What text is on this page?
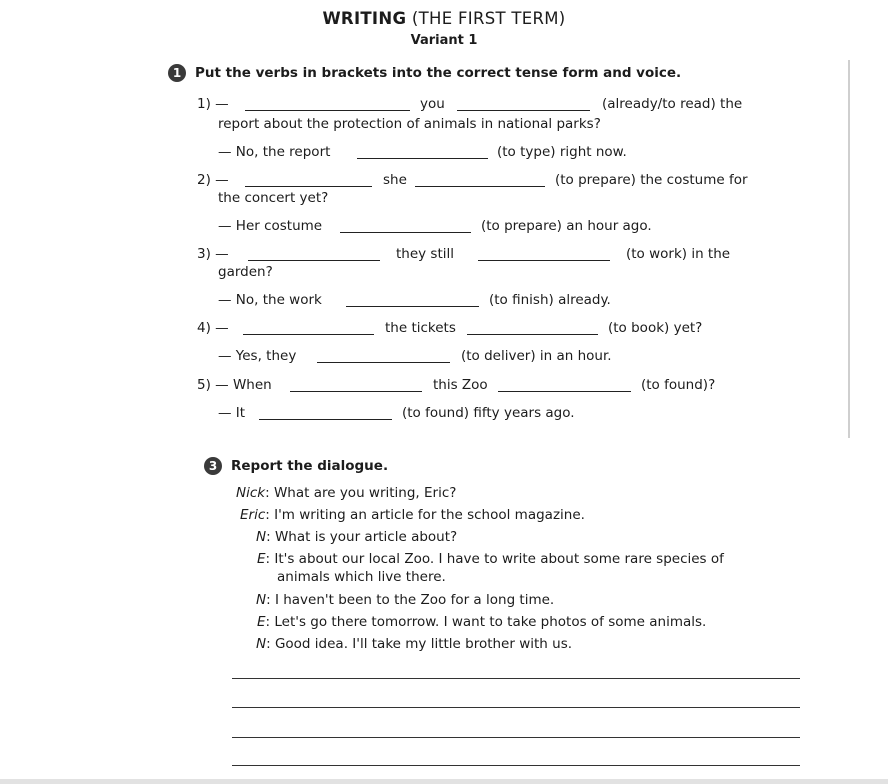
WRITING (THE FIRST TERM)
Variant 1
1	Put the verbs in brackets into the correct tense form and voice.
1) —	you	(already/to read) the
report about the protection of animals in national parks?
— No, the report	(to type) right now.
2) —	she	(to prepare) the costume for
the concert yet?
— Her costume	(to prepare) an hour ago.
3) —	they still	(to work) in the
garden?
— No, the work	(to finish) already.
4) —	the tickets	(to book) yet?
— Yes, they	(to deliver) in an hour.
5) — When	this Zoo	(to found)?
— It	(to found) fifty years ago.
3	Report the dialogue.
Nick: What are you writing, Eric?
Eric: I'm writing an article for the school magazine.
N: What is your article about?
E: It's about our local Zoo. I have to write about some rare species of
animals which live there.
N: I haven't been to the Zoo for a long time.
E: Let's go there tomorrow. I want to take photos of some animals.
N: Good idea. I'll take my little brother with us.
